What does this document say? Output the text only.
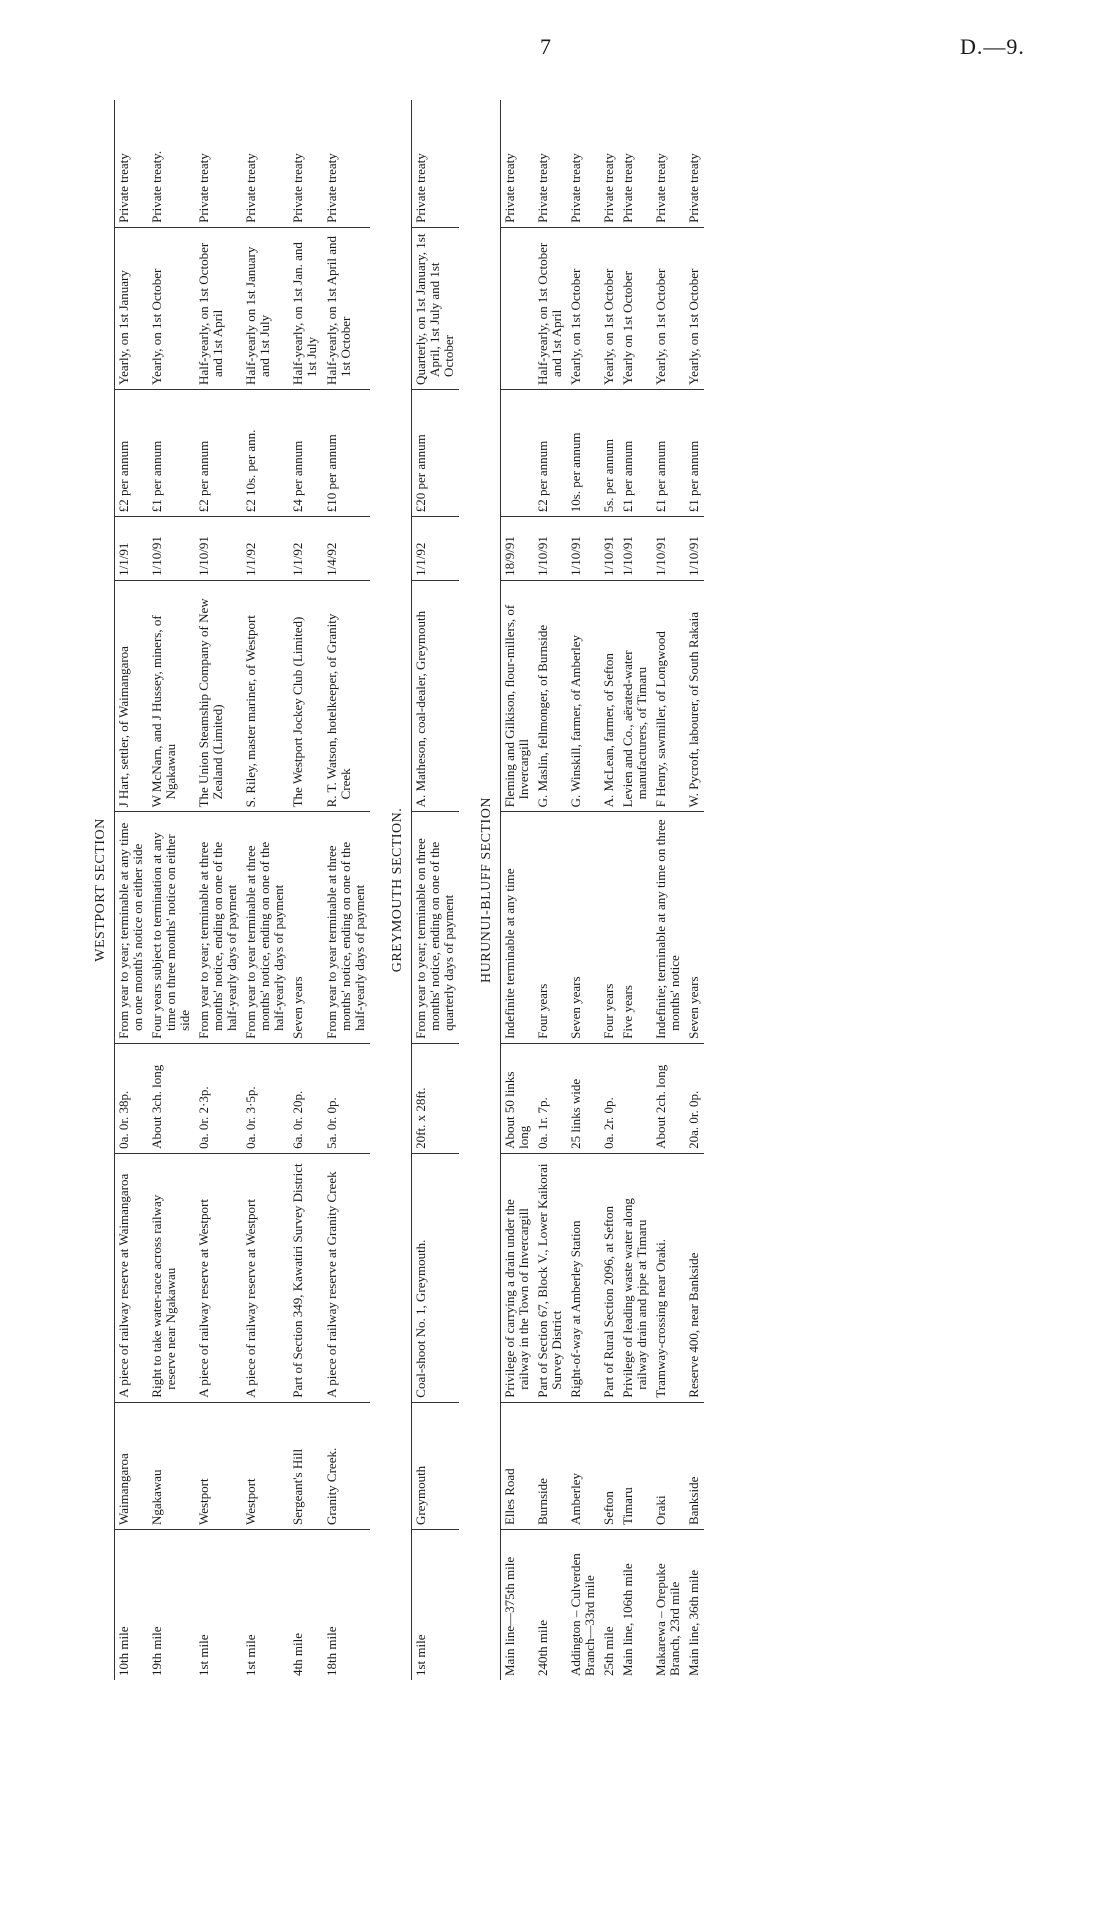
7	D.—9.
WESTPORT SECTION									
10th mile	Waimangaroa	A piece of railway reserve at Waimangaroa	0a. 0r. 38p.	From year to year; terminable at any time on one month's notice on either side	J Hart, settler, of Waimangaroa	1/1/91	£2 per annum	Yearly, on 1st January	Private treaty
19th mile	Ngakawau	Right to take water-race across railway reserve near Ngakawau	About 3ch. long	Four years subject to termination at any time on three months' notice on either side	W McNarn, and J Hussey, miners, of Ngakawau	1/10/91	£1 per annum	Yearly, on 1st October	Private treaty.
1st mile	Westport	A piece of railway reserve at Westport	0a. 0r. 2·3p.	From year to year; terminable at three months' notice, ending on one of the half-yearly days of payment	The Union Steamship Company of New Zealand (Limited)	1/10/91	£2 per annum	Half-yearly, on 1st October and 1st April	Private treaty
1st mile	Westport	A piece of railway reserve at Westport	0a. 0r. 3·5p.	From year to year terminable at three months' notice, ending on one of the half-yearly days of payment	S. Riley, master mariner, of Westport	1/1/92	£2 10s. per ann.	Half-yearly on 1st January and 1st July	Private treaty
4th mile	Sergeant's Hill	Part of Section 349, Kawatiri Survey District	6a. 0r. 20p.	Seven years	The Westport Jockey Club (Limited)	1/1/92	£4 per annum	Half-yearly, on 1st Jan. and 1st July	Private treaty
18th mile	Granity Creek.	A piece of railway reserve at Granity Creek	5a. 0r. 0p.	From year to year terminable at three months' notice, ending on one of the half-yearly days of payment	R. T. Watson, hotelkeeper, of Granity Creek	1/4/92	£10 per annum	Half-yearly, on 1st April and 1st October	Private treaty
GREYMOUTH SECTION.									
1st mile	Greymouth	Coal-shoot No. 1, Greymouth.	20ft. x 28ft.	From year to year; terminable on three months' notice, ending on one of the quarterly days of payment	A. Matheson, coal-dealer, Greymouth	1/1/92	£20 per annum	Quarterly, on 1st January, 1st April, 1st July and 1st October	Private treaty
HURUNUI-BLUFF SECTION									
Main line—375th mile	Elles Road	Privilege of carrying a drain under the railway in the Town of Invercargill	About 50 links long	Indefinite terminable at any time	Fleming and Gilkison, flour-millers, of Invercargill	18/9/91			Private treaty
240th mile	Burnside	Part of Section 67, Block V., Lower Kaikorai Survey District	0a. 1r. 7p.	Four years	G. Maslin, fellmonger, of Burnside	1/10/91	£2 per annum	Half-yearly, on 1st October and 1st April	Private treaty
Addington – Culverden Branch—33rd mile	Amberley	Right-of-way at Amberley Station	25 links wide	Seven years	G. Winskill, farmer, of Amberley	1/10/91	10s. per annum	Yearly, on 1st October	Private treaty
25th mile	Sefton	Part of Rural Section 2096, at Sefton	0a. 2r. 0p.	Four years	A. McLean, farmer, of Sefton	1/10/91	5s. per annum	Yearly, on 1st October	Private treaty
Main line, 106th mile	Timaru	Privilege of leading waste water along railway drain and pipe at Timaru		Five years	Levien and Co., aërated-water manufacturers, of Timaru	1/10/91	£1 per annum	Yearly on 1st October	Private treaty
Makarewa – Orepuke Branch, 23rd mile	Oraki	Tramway-crossing near Oraki.	About 2ch. long	Indefinite; terminable at any time on three months' notice	F Henry, sawmiller, of Longwood	1/10/91	£1 per annum	Yearly, on 1st October	Private treaty
Main line, 36th mile	Bankside	Reserve 400, near Bankside	20a. 0r. 0p.	Seven years	W. Pycroft, labourer, of South Rakaia	1/10/91	£1 per annum	Yearly, on 1st October	Private treaty
